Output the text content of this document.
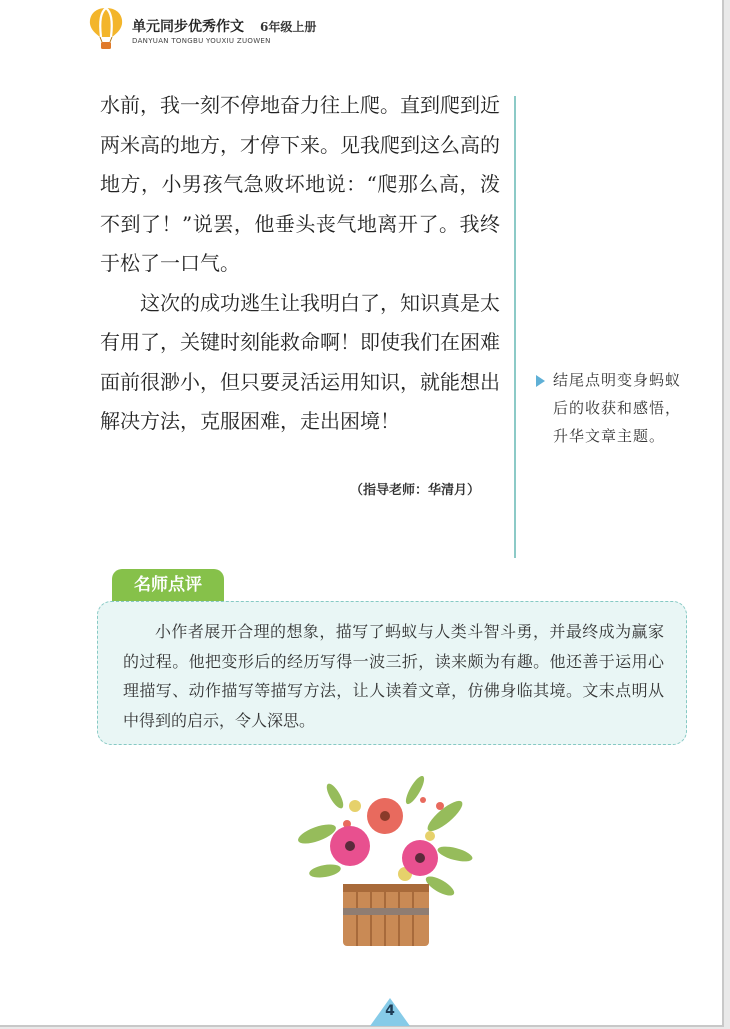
单元同步优秀作文 6年级上册
DANYUAN TONGBU YOUXIU ZUOWEN

水前，我一刻不停地奋力往上爬。直到爬到近两米高的地方，才停下来。见我爬到这么高的地方，小男孩气急败坏地说：“爬那么高，泼不到了！”说罢，他垂头丧气地离开了。我终于松了一口气。

这次的成功逃生让我明白了，知识真是太有用了，关键时刻能救命啊！即使我们在困难面前很渺小，但只要灵活运用知识，就能想出解决方法，克服困难，走出困境！

（指导老师：华清月）
结尾点明变身蚂蚁后的收获和感悟，升华文章主题。
名师点评

小作者展开合理的想象，描写了蚂蚁与人类斗智斗勇，并最终成为赢家的过程。他把变形后的经历写得一波三折，读来颇为有趣。他还善于运用心理描写、动作描写等描写方法，让人读着文章，仿佛身临其境。文末点明从中得到的启示，令人深思。

4
